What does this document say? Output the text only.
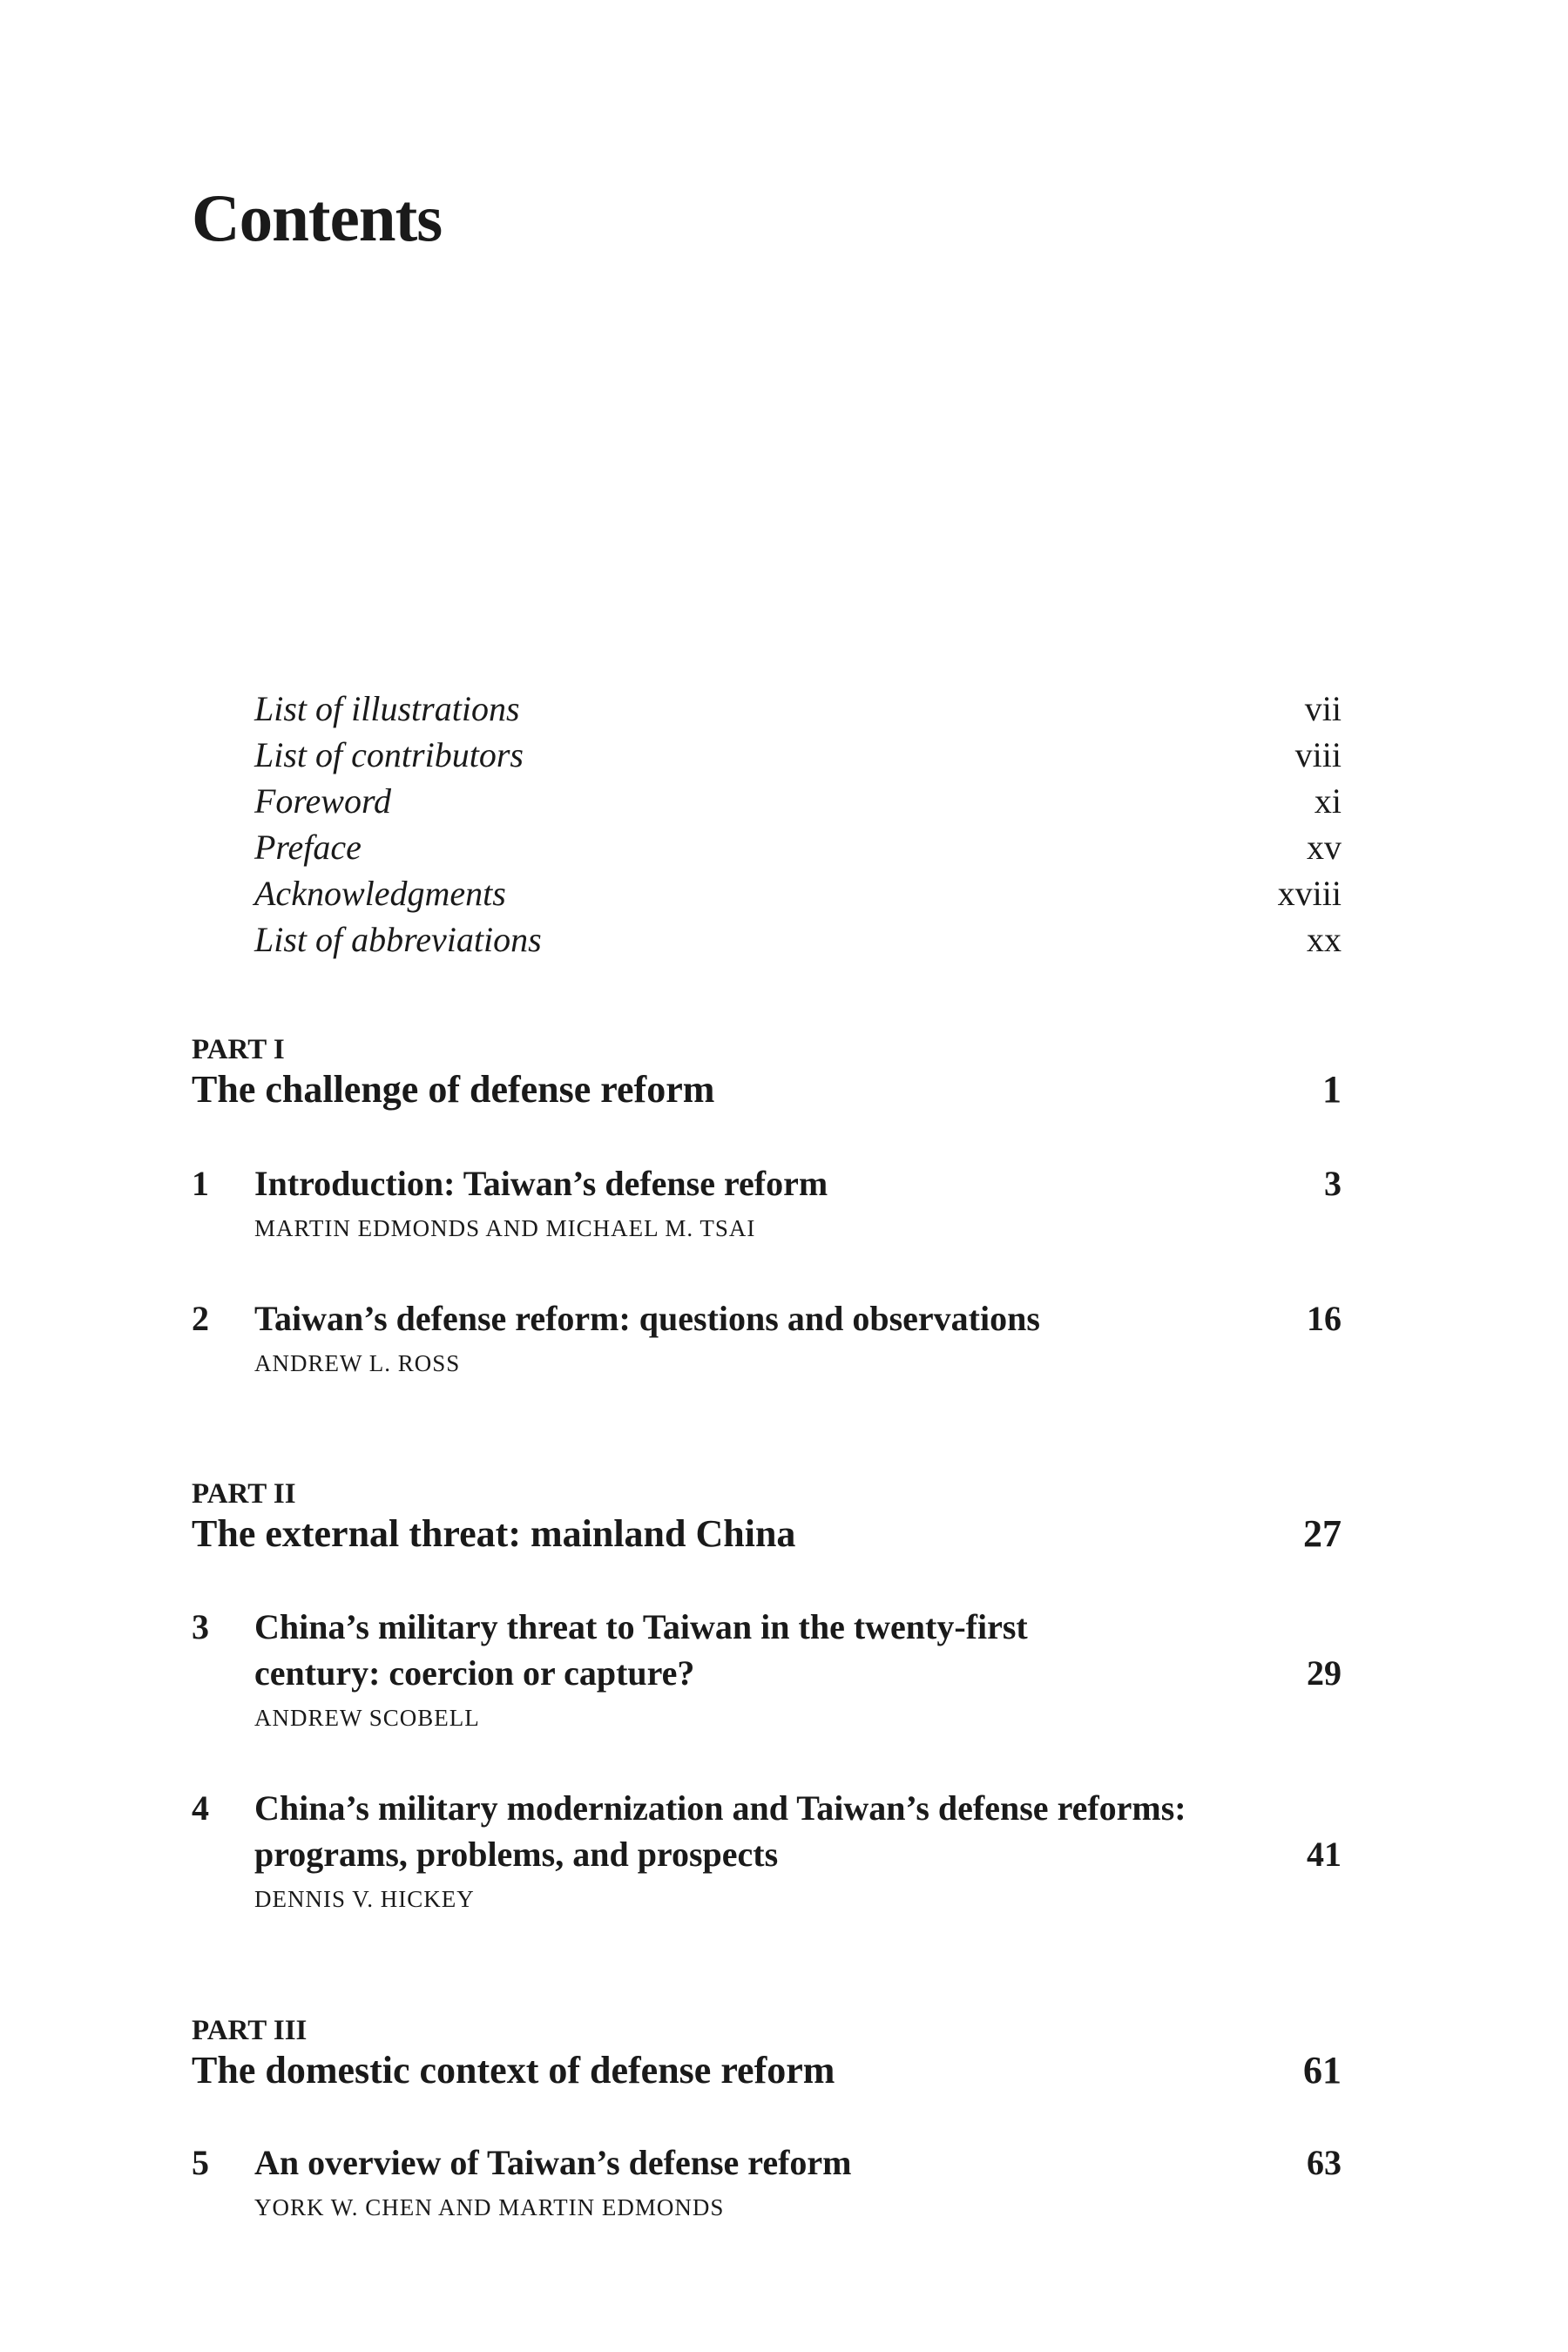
Contents
List of illustrations	vii
List of contributors	viii
Foreword	xi
Preface	xv
Acknowledgments	xviii
List of abbreviations	xx
PART I
The challenge of defense reform	1
1 Introduction: Taiwan’s defense reform	3
MARTIN EDMONDS AND MICHAEL M. TSAI
2 Taiwan’s defense reform: questions and observations	16
ANDREW L. ROSS
PART II
The external threat: mainland China	27
3 China’s military threat to Taiwan in the twenty-first
century: coercion or capture?	29
ANDREW SCOBELL
4 China’s military modernization and Taiwan’s defense reforms:
programs, problems, and prospects	41
DENNIS V. HICKEY
PART III
The domestic context of defense reform	61
5 An overview of Taiwan’s defense reform	63
YORK W. CHEN AND MARTIN EDMONDS
